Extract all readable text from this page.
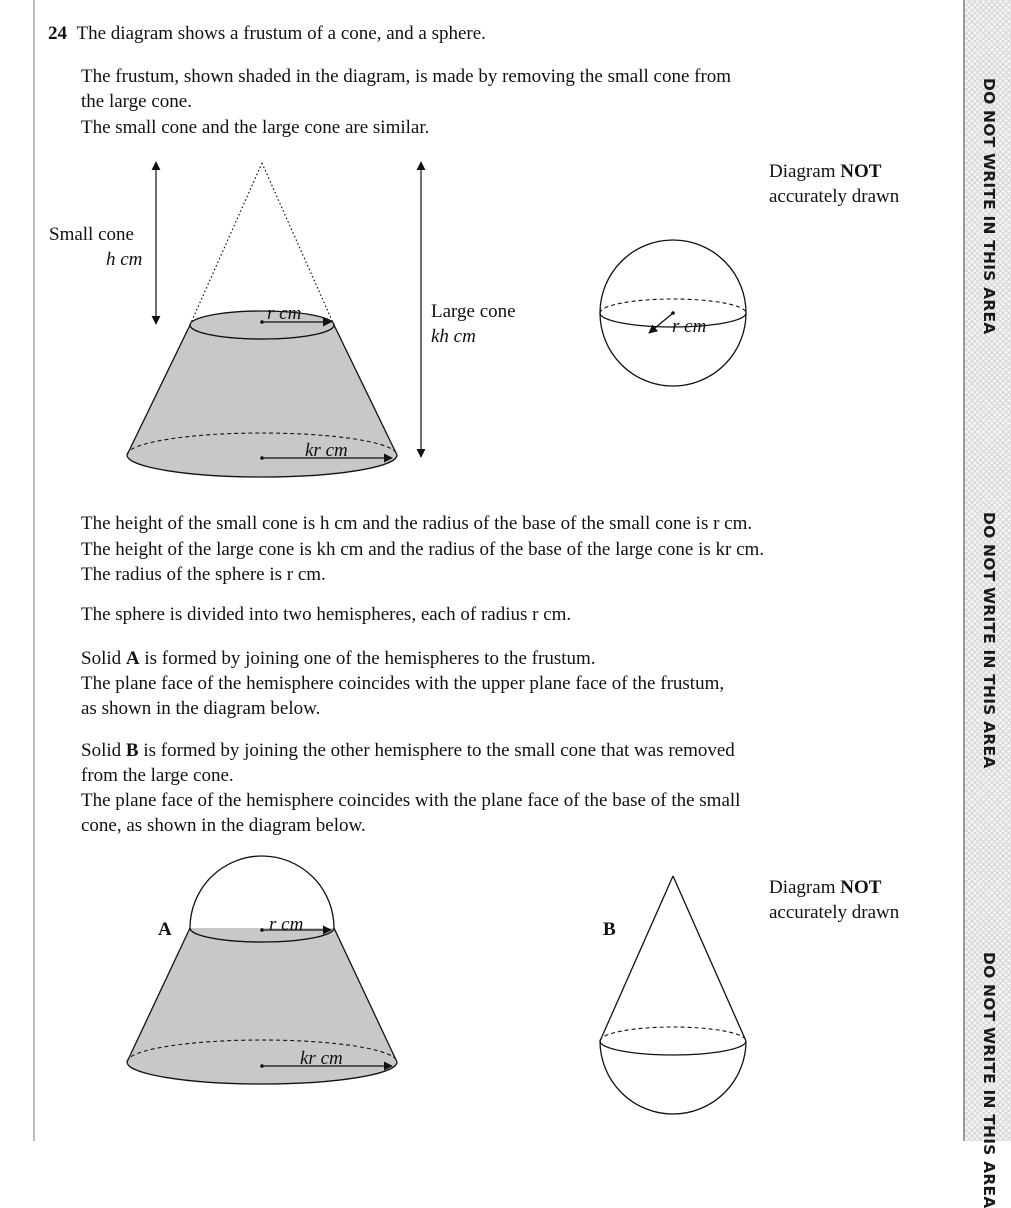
DO NOT WRITE IN THIS AREA
DO NOT WRITE IN THIS AREA
DO NOT WRITE IN THIS AREA
24 The diagram shows a frustum of a cone, and a sphere.
The frustum, shown shaded in the diagram, is made by removing the small cone from
the large cone.
The small cone and the large cone are similar.
The height of the small cone is h cm and the radius of the base of the small cone is r cm.
The height of the large cone is kh cm and the radius of the base of the large cone is kr cm.
The radius of the sphere is r cm.
The sphere is divided into two hemispheres, each of radius r cm.
Solid A is formed by joining one of the hemispheres to the frustum.
The plane face of the hemisphere coincides with the upper plane face of the frustum,
as shown in the diagram below.
Solid B is formed by joining the other hemisphere to the small cone that was removed
from the large cone.
The plane face of the hemisphere coincides with the plane face of the base of the small
cone, as shown in the diagram below.
r cm
kr cm
Small cone
h cm
Large cone
kh cm
Diagram NOT
accurately drawn
r cm
r cm
kr cm
A	B
Diagram NOT
accurately drawn
